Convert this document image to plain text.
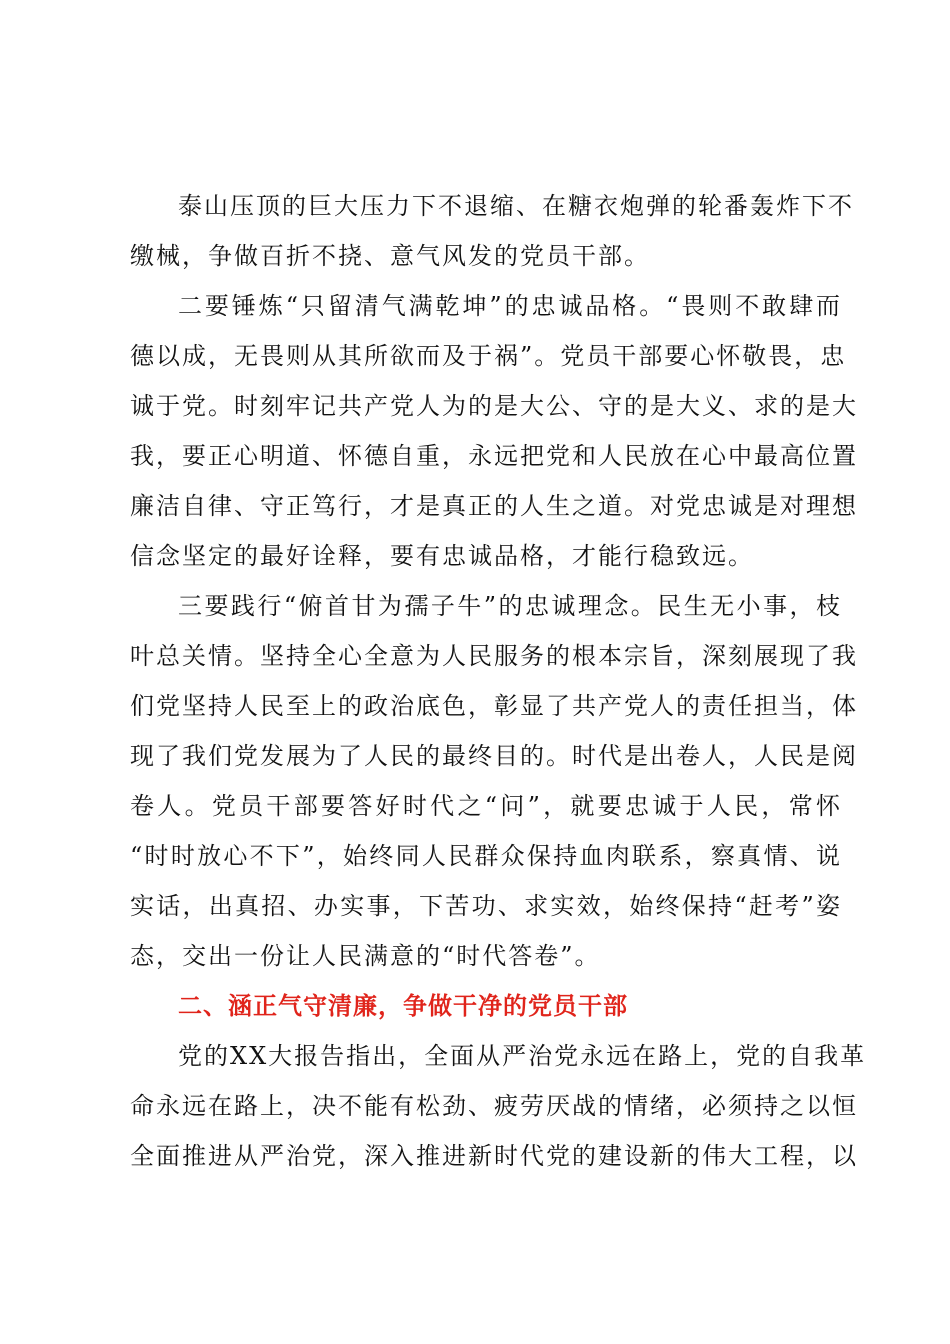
泰山压顶的巨大压力下不退缩、在糖衣炮弹的轮番轰炸下不
缴械，争做百折不挠、意气风发的党员干部。
二要锤炼“只留清气满乾坤”的忠诚品格。“畏则不敢肆而
德以成，无畏则从其所欲而及于祸”。党员干部要心怀敬畏，忠
诚于党。时刻牢记共产党人为的是大公、守的是大义、求的是大
我，要正心明道、怀德自重，永远把党和人民放在心中最高位置
廉洁自律、守正笃行，才是真正的人生之道。对党忠诚是对理想
信念坚定的最好诠释，要有忠诚品格，才能行稳致远。
三要践行“俯首甘为孺子牛”的忠诚理念。民生无小事，枝
叶总关情。坚持全心全意为人民服务的根本宗旨，深刻展现了我
们党坚持人民至上的政治底色，彰显了共产党人的责任担当，体
现了我们党发展为了人民的最终目的。时代是出卷人，人民是阅
卷人。党员干部要答好时代之“问”，就要忠诚于人民，常怀
“时时放心不下”，始终同人民群众保持血肉联系，察真情、说
实话，出真招、办实事，下苦功、求实效，始终保持“赶考”姿
态，交出一份让人民满意的“时代答卷”。
二、涵正气守清廉，争做干净的党员干部
党的XX大报告指出，全面从严治党永远在路上，党的自我革
命永远在路上，决不能有松劲、疲劳厌战的情绪，必须持之以恒
全面推进从严治党，深入推进新时代党的建设新的伟大工程，以
